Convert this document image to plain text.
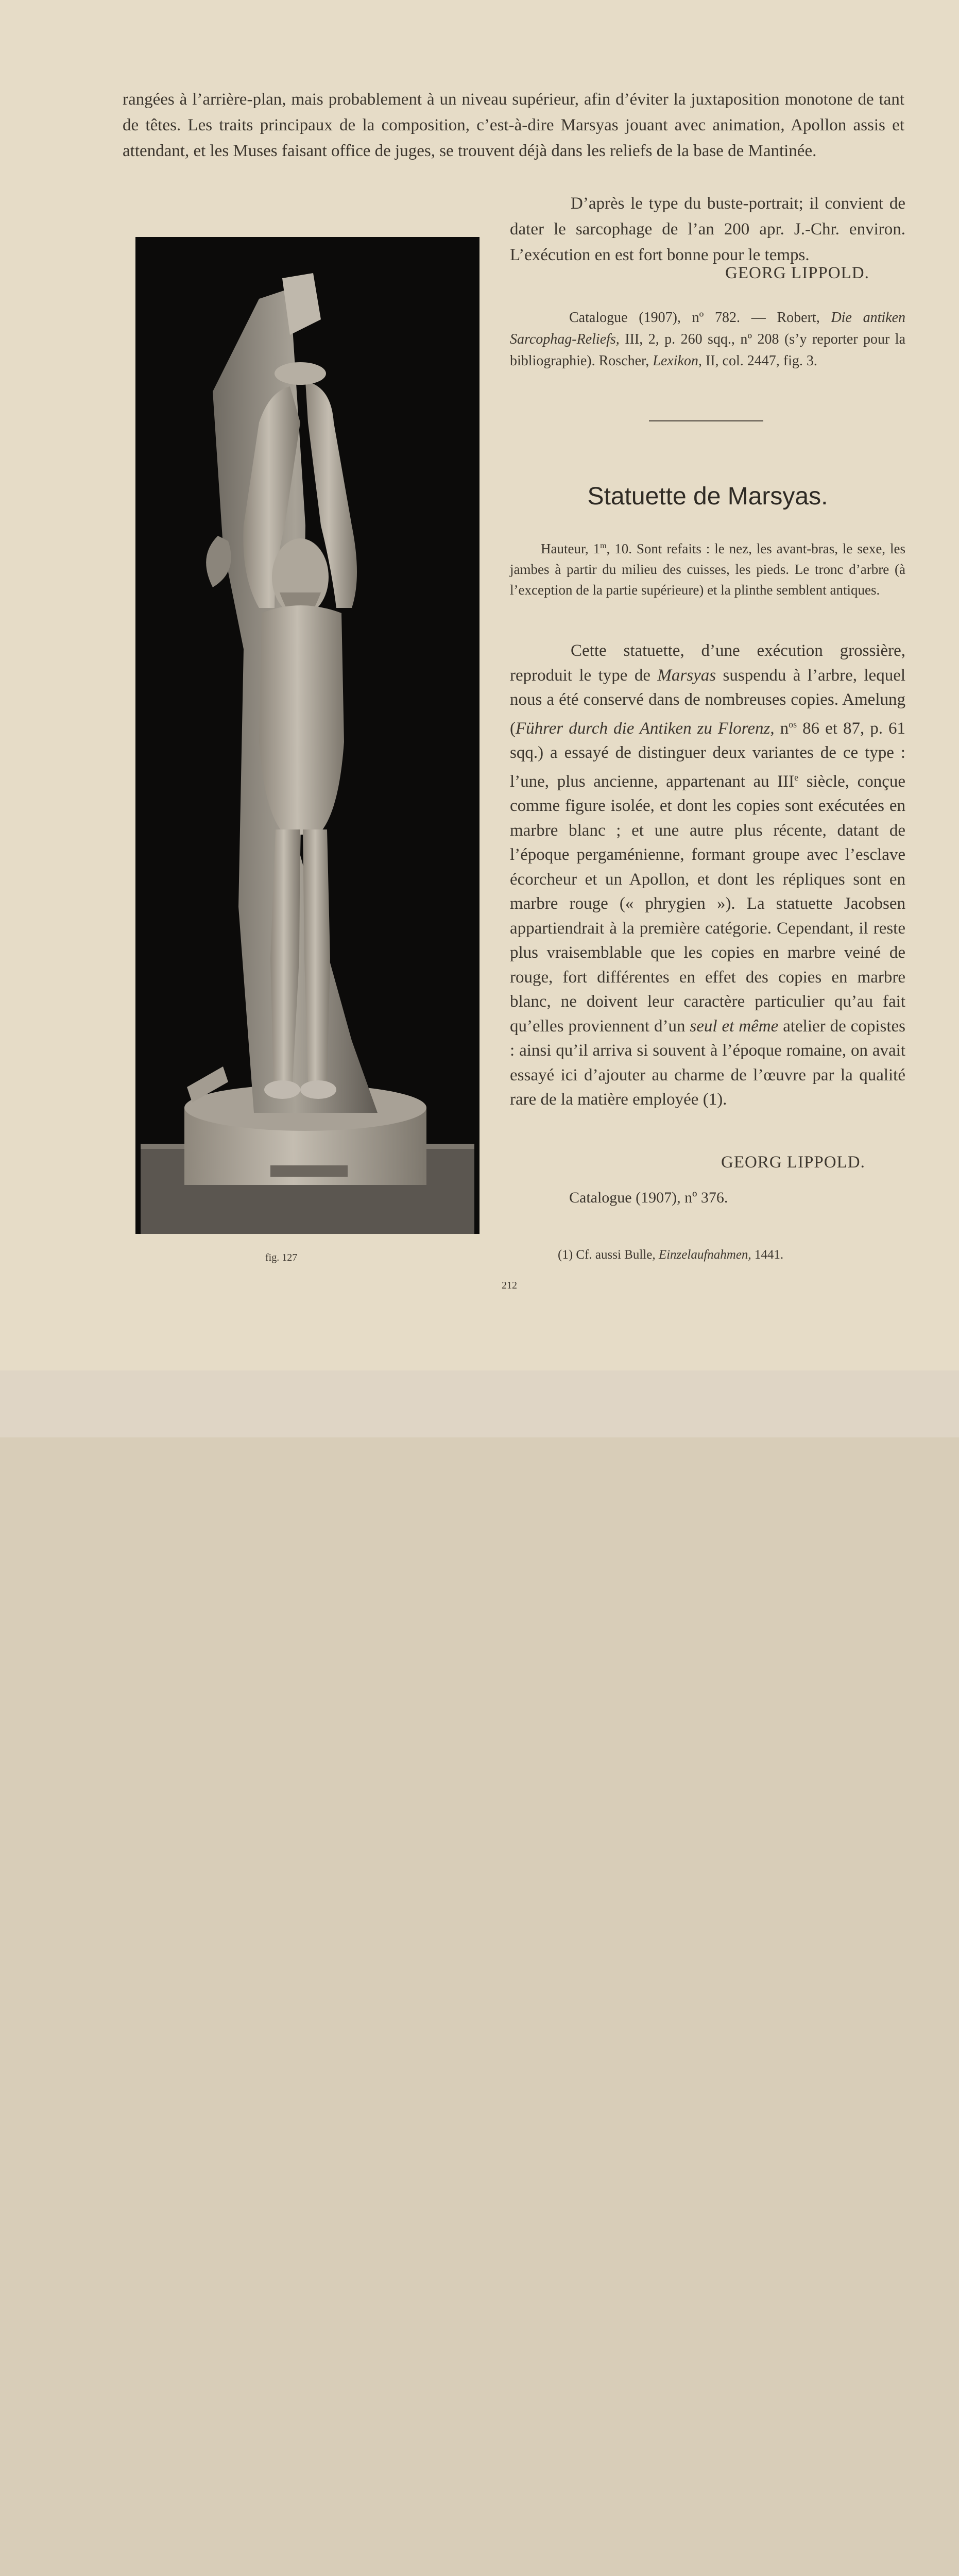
rangées à l’arrière-plan, mais probablement à un niveau supérieur, afin d’éviter la juxtaposition monotone de tant de têtes. Les traits principaux de la composition, c’est-à-dire Marsyas jouant avec animation, Apollon assis et attendant, et les Muses faisant office de juges, se trouvent déjà dans les reliefs de la base de Mantinée.

D’après le type du buste-portrait; il convient de dater le sarcophage de l’an 200 apr. J.-Chr. environ. L’exécution en est fort bonne pour le temps.

GEORG LIPPOLD.

Catalogue (1907), nº 782. — Robert, Die antiken Sarcophag-Reliefs, III, 2, p. 260 sqq., nº 208 (s’y reporter pour la bibliographie). Roscher, Lexikon, II, col. 2447, fig. 3.

Statuette de Marsyas.

Hauteur, 1$^m$, 10. Sont refaits : le nez, les avant-bras, le sexe, les jambes à partir du milieu des cuisses, les pieds. Le tronc d’arbre (à l’exception de la partie supérieure) et la plinthe semblent antiques.

Cette statuette, d’une exécution grossière, reproduit le type de Marsyas suspendu à l’arbre, lequel nous a été conservé dans de nombreuses copies. Amelung (Führer durch die Antiken zu Florenz, $n^{os}$ 86 et 87, p. 61 sqq.) a essayé de distinguer deux variantes de ce type : l’une, plus ancienne, appartenant au IIIe siècle, conçue comme figure isolée, et dont les copies sont exécutées en marbre blanc ; et une autre plus récente, datant de l’époque pergaménienne, formant groupe avec l’esclave écorcheur et un Apollon, et dont les répliques sont en marbre rouge (« phrygien »). La statuette Jacobsen appartiendrait à la première catégorie. Cependant, il reste plus vraisemblable que les copies en marbre veiné de rouge, fort différentes en effet des copies en marbre blanc, ne doivent leur caractère particulier qu’au fait qu’elles proviennent d’un seul et même atelier de copistes : ainsi qu’il arriva si souvent à l’époque romaine, on avait essayé ici d’ajouter au charme de l’œuvre par la qualité rare de la matière employée (1).

GEORG LIPPOLD.
Catalogue (1907), nº 376.
fig. 127	(1) Cf. aussi Bulle, Einzelaufnahmen, 1441.
212
